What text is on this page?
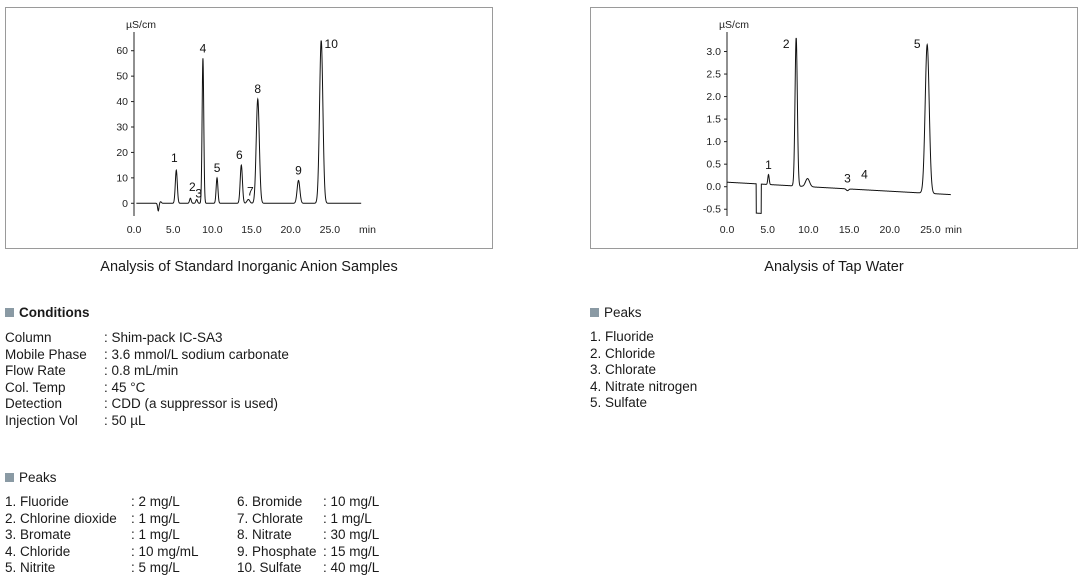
µS/cm
0
10
20
30
40
50
60
0.0 5.0 10.0 15.0 20.0 25.0 min
1
2 3
4
5
6
7
8
9
10
Analysis of Standard Inorganic Anion Samples
µS/cm
-0.5
0.0
0.5
1.0
1.5
2.0
2.5
3.0
0.0 5.0 10.0 15.0 20.0 25.0 min
1
2
3 4
5
Analysis of Tap Water
Conditions
Column	: Shim-pack IC-SA3
Mobile Phase	: 3.6 mmol/L sodium carbonate
Flow Rate	: 0.8 mL/min
Col. Temp	: 45 °C
Detection	: CDD (a suppressor is used)
Injection Vol	: 50 µL
Peaks
1. Fluoride	: 2 mg/L	6. Bromide	: 10 mg/L
2. Chlorine dioxide	: 1 mg/L	7. Chlorate	: 1 mg/L
3. Bromate	: 1 mg/L	8. Nitrate	: 30 mg/L
4. Chloride	: 10 mg/mL	9. Phosphate : 15 mg/L
5. Nitrite	: 5 mg/L	10. Sulfate	: 40 mg/L
Peaks
1. Fluoride
2. Chloride
3. Chlorate
4. Nitrate nitrogen
5. Sulfate
